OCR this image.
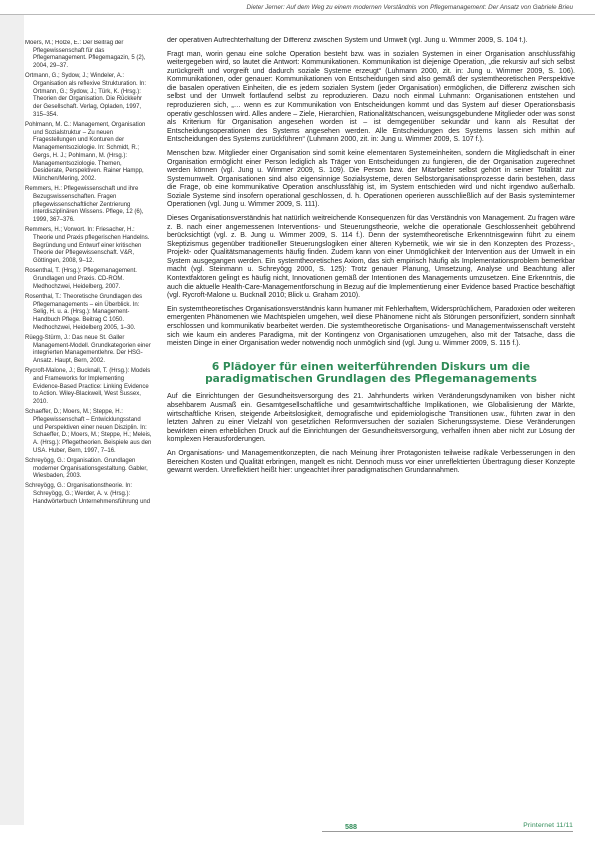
Dieter Jerner: Auf dem Weg zu einem modernen Verständnis von Pflegemanagement: Der Ansatz von Gabriele Brieu

Moers, M.; Holze, E.: Der Beitrag der Pflegewissenschaft für das Pflegemanagement. Pflegemagazin, 5 (2), 2004, 29–37.

Ortmann, G.; Sydow, J.; Windeler, A.: Organisation als reflexive Strukturation. In: Ortmann, G.; Sydow, J.; Türk, K. (Hrsg.): Theorien der Organisation. Die Rückkehr der Gesellschaft. Verlag, Opladen, 1997, 315–354.

Pohlmann, M. C.: Management, Organisation und Sozialstruktur – Zu neuen Fragestellungen und Konturen der Managementsoziologie. In: Schmidt, R.; Gergs, H. J.; Pohlmann, M. (Hrsg.): Managementsoziologie. Themen, Desiderate, Perspektiven. Rainer Hampp, München/Mering, 2002.

Remmers, H.: Pflegewissenschaft und ihre Bezugswissenschaften. Fragen pflegewissenschaftlicher Zentrierung interdisziplinären Wissens. Pflege, 12 (6), 1999, 367–376.

Remmers, H.; Vorwort. In: Friesacher, H.: Theorie und Praxis pflegerischen Handelns. Begründung und Entwurf einer kritischen Theorie der Pflegewissenschaft. V&R, Göttingen, 2008, 9–12.

Rosenthal, T. (Hrsg.): Pflegemanagement. Grundlagen und Praxis. CD-ROM. Medhochzwei, Heidelberg, 2007.

Rosenthal, T.: Theoretische Grundlagen des Pflegemanagements – ein Überblick. In: Selig, H. u. a. (Hrsg.): Management-Handbuch Pflege. Beitrag C 1050. Medhochzwei, Heidelberg 2005, 1–30.

Rüegg-Stürm, J.: Das neue St. Galler Management-Modell. Grundkategorien einer integrierten Managementlehre. Der HSG-Ansatz. Haupt, Bern, 2002.

Rycroft-Malone, J.; Bucknall, T. (Hrsg.): Models and Frameworks for Implementing Evidence-Based Practice: Linking Evidence to Action. Wiley-Blackwell, West Sussex, 2010.

Schaeffer, D.; Moers, M.; Steppe, H.: Pflegewissenschaft – Entwicklungsstand und Perspektiven einer neuen Disziplin. In: Schaeffer, D.; Moers, M.; Steppe, H.; Meleis, A. (Hrsg.): Pflegetheorien. Beispiele aus den USA. Huber, Bern, 1997, 7–16.

Schreyögg, G.: Organisation. Grundlagen moderner Organisationsgestaltung. Gabler, Wiesbaden, 2003.

Schreyögg, G.: Organisationstheorie. In: Schreyögg, G.; Werder, A. v. (Hrsg.): Handwörterbuch Unternehmensführung und

der operativen Aufrechterhaltung der Differenz zwischen System und Umwelt (vgl. Jung u. Wimmer 2009, S. 104 f.).

Fragt man, worin genau eine solche Operation besteht bzw. was in sozialen Systemen in einer Organisation anschlussfähig weitergegeben wird, so lautet die Antwort: Kommunikationen. Kommunikation ist diejenige Operation, „die rekursiv auf sich selbst zurückgreift und vorgreift und dadurch soziale Systeme erzeugt“ (Luhmann 2000, zit. in: Jung u. Wimmer 2009, S. 106). Kommunikationen, oder genauer: Kommunikationen von Entscheidungen sind also gemäß der systemtheoretischen Perspektive die basalen operativen Einheiten, die es jedem sozialen System (jeder Organisation) ermöglichen, die Differenz zwischen sich selbst und der Umwelt fortlaufend selbst zu reproduzieren. Dazu noch einmal Luhmann: Organisationen entstehen und reproduzieren sich, „… wenn es zur Kommunikation von Entscheidungen kommt und das System auf dieser Operationsbasis operativ geschlossen wird. Alles andere – Ziele, Hierarchien, Rationalitätschancen, weisungsgebundene Mitglieder oder was sonst als Kriterium für Organisation angesehen worden ist – ist demgegenüber sekundär und kann als Resultat der Entscheidungsoperationen des Systems angesehen werden. Alle Entscheidungen des Systems lassen sich mithin auf Entscheidungen des Systems zurückführen“ (Luhmann 2000, zit. in: Jung u. Wimmer 2009, S. 107 f.).

Menschen bzw. Mitglieder einer Organisation sind somit keine elementaren Systemeinheiten, sondern die Mitgliedschaft in einer Organisation ermöglicht einer Person lediglich als Träger von Entscheidungen zu fungieren, die der Organisation zugerechnet werden können (vgl. Jung u. Wimmer 2009, S. 109). Die Person bzw. der Mitarbeiter selbst gehört in seiner Totalität zur Systemumwelt. Organisationen sind also eigensinnige Sozialsysteme, deren Selbstorganisationsprozesse darin bestehen, dass die Frage, ob eine kommunikative Operation anschlussfähig ist, im System entschieden wird und nicht irgendwo außerhalb. Soziale Systeme sind insofern operational geschlossen, d. h. Operationen operieren ausschließlich auf der Basis systeminterner Operationen (vgl. Jung u. Wimmer 2009, S. 111).

Dieses Organisationsverständnis hat natürlich weitreichende Konsequenzen für das Verständnis von Management. Zu fragen wäre z. B. nach einer angemessenen Interventions- und Steuerungstheorie, welche die operationale Geschlossenheit gebührend berücksichtigt (vgl. z. B. Jung u. Wimmer 2009, S. 114 f.). Denn der systemtheoretische Erkenntnisgewinn führt zu einem Skeptizismus gegenüber traditioneller Steuerungslogiken einer älteren Kybernetik, wie wir sie in den Konzepten des Prozess-, Projekt- oder Qualitätsmanagements häufig finden. Zudem kann von einer Unmöglichkeit der Intervention aus der Umwelt in ein System ausgegangen werden. Ein systemtheoretisches Axiom, das sich empirisch häufig als Implementationsproblem bemerkbar macht (vgl. Steinmann u. Schreyögg 2000, S. 125): Trotz genauer Planung, Umsetzung, Analyse und Beachtung aller Kontextfaktoren gelingt es häufig nicht, Innovationen gemäß der Intentionen des Managements umzusetzen. Eine Erkenntnis, die auch die aktuelle Health-Care-Managementforschung in Bezug auf die Implementierung einer Evidence based Practice beschäftigt (vgl. Rycroft-Malone u. Bucknall 2010; Blick u. Graham 2010).

Ein systemtheoretisches Organisationsverständnis kann humaner mit Fehlerhaftem, Widersprüchlichem, Paradoxien oder weiteren emergenten Phänomenen wie Machtspielen umgehen, weil diese Phänomene nicht als Störungen personifiziert, sondern sinnhaft erschlossen und kommunikativ bearbeitet werden. Die systemtheoretische Organisations- und Managementwissenschaft versteht sich wie kaum ein anderes Paradigma, mit der Kontingenz von Organisationen umzugehen, also mit der Tatsache, dass die meisten Dinge in einer Organisation weder notwendig noch unmöglich sind (vgl. Jung u. Wimmer 2009, S. 115 f.).

6 Plädoyer für einen weiterführenden Diskurs um die paradigmatischen Grundlagen des Pflegemanagements

Auf die Einrichtungen der Gesundheitsversorgung des 21. Jahrhunderts wirken Veränderungsdynamiken von bisher nicht absehbarem Ausmaß ein. Gesamtgesellschaftliche und gesamtwirtschaftliche Implikationen, wie Globalisierung der Märkte, wirtschaftliche Krisen, steigende Arbeitslosigkeit, demografische und epidemiologische Transitionen usw., führten zwar in den letzten Jahren zu einer Vielzahl von gesetzlichen Reformversuchen der sozialen Sicherungssysteme. Diese Veränderungen bewirkten einen erheblichen Druck auf die Einrichtungen der Gesundheitsversorgung, verhalfen ihnen aber nicht zur Lösung der komplexen Herausforderungen.

An Organisations- und Managementkonzepten, die nach Meinung ihrer Protagonisten teilweise radikale Verbesserungen in den Bereichen Kosten und Qualität erbringen, mangelt es nicht. Dennoch muss vor einer unreflektierten Übertragung dieser Konzepte gewarnt werden. Unreflektiert heißt hier: ungeachtet ihrer paradigmatischen Grundannahmen.

588	Printernet 11/11
